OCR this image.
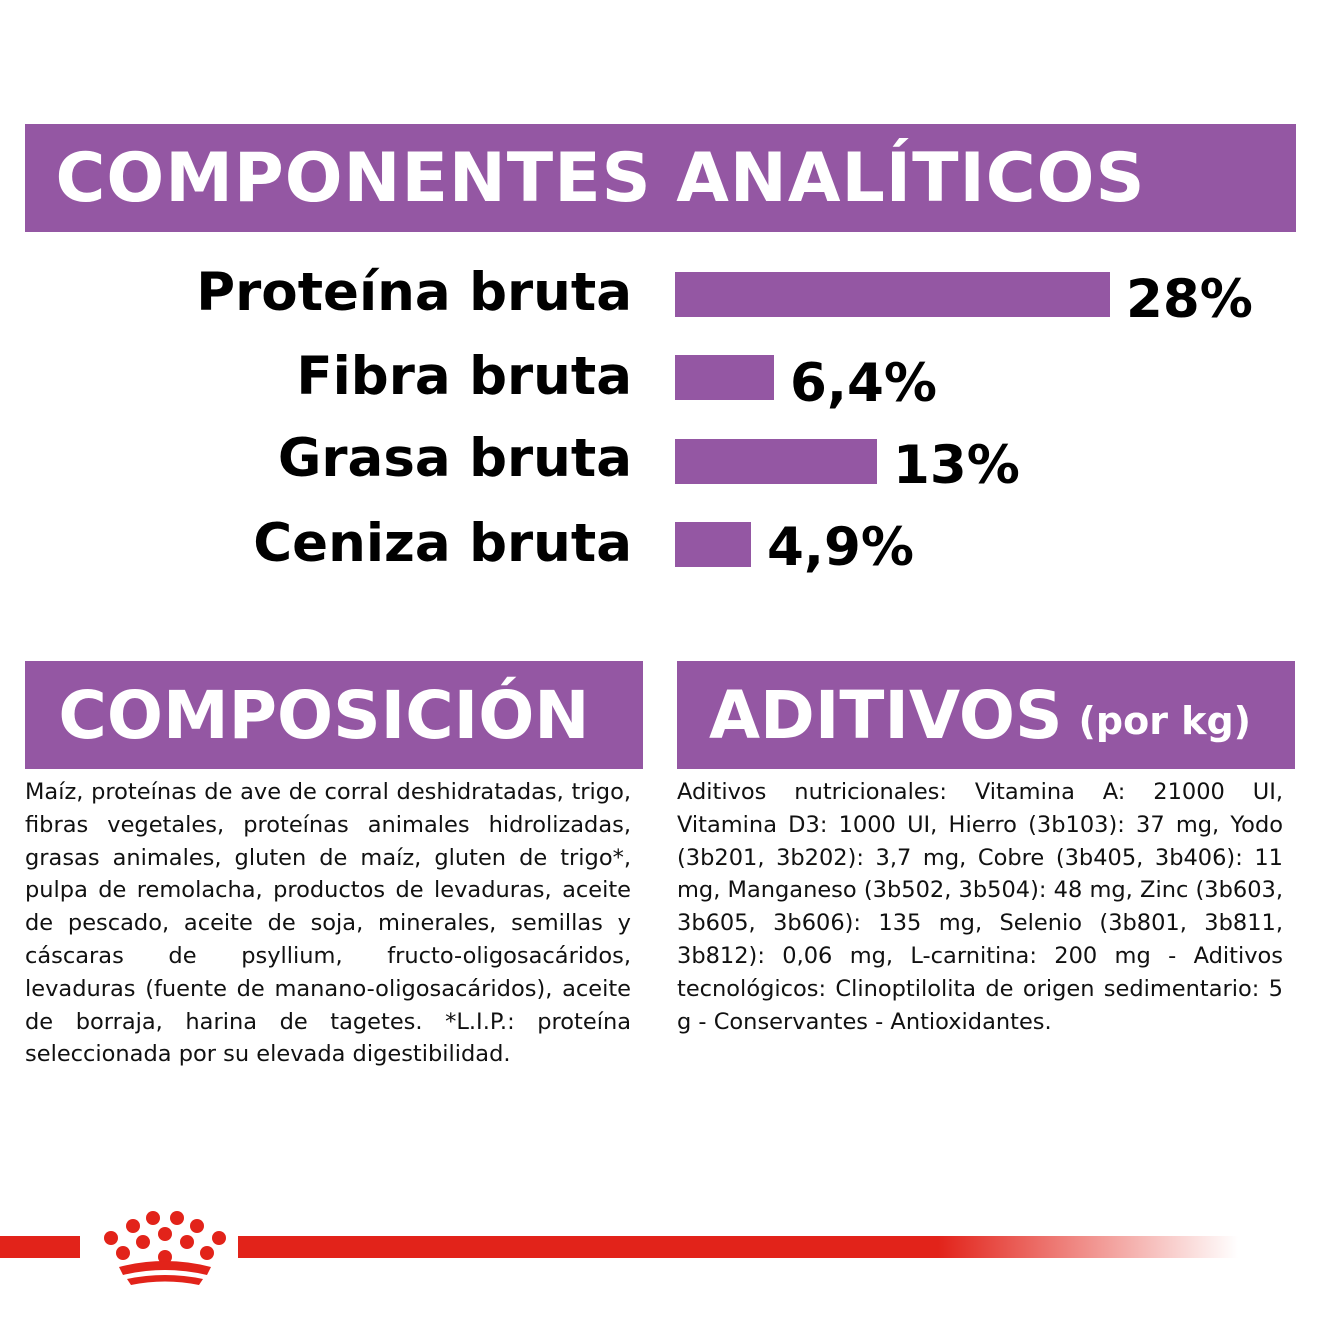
COMPONENTES ANALÍTICOS
Proteína bruta	28%
Fibra bruta	6,4%
Grasa bruta	13%
Ceniza bruta	4,9%
COMPOSICIÓN

Maíz, proteínas de ave de corral deshidratadas, trigo, fibras vegetales, proteínas animales hidrolizadas, grasas animales, gluten de maíz, gluten de trigo*, pulpa de remolacha, productos de levaduras, aceite de pescado, aceite de soja, minerales, semillas y cáscaras de psyllium, fructo-oligosacáridos, levaduras (fuente de manano-oligosacáridos), aceite de borraja, harina de tagetes. *L.I.P.: proteína seleccionada por su elevada digestibilidad.

ADITIVOS (por kg)

Aditivos nutricionales: Vitamina A: 21000 UI, Vitamina D3: 1000 UI, Hierro (3b103): 37 mg, Yodo (3b201, 3b202): 3,7 mg, Cobre (3b405, 3b406): 11 mg, Manganeso (3b502, 3b504): 48 mg, Zinc (3b603, 3b605, 3b606): 135 mg, Selenio (3b801, 3b811, 3b812): 0,06 mg, L-carnitina: 200 mg - Aditivos tecnológicos: Clinoptilolita de origen sedimentario: 5 g - Conservantes - Antioxidantes.
